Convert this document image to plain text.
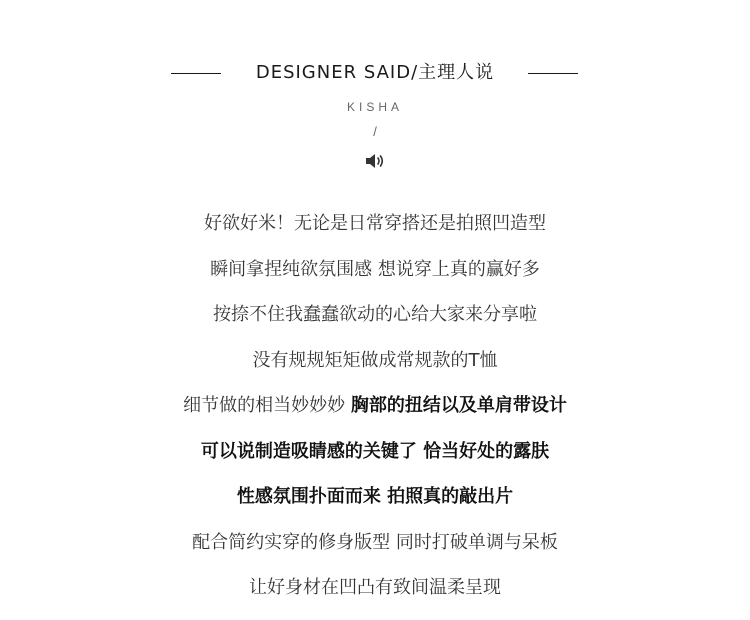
DESIGNER SAID/主理人说
KISHA
/
好欲好米！无论是日常穿搭还是拍照凹造型
瞬间拿捏纯欲氛围感 想说穿上真的赢好多
按捺不住我蠢蠢欲动的心给大家来分享啦
没有规规矩矩做成常规款的T恤
细节做的相当妙妙妙 胸部的扭结以及单肩带设计
可以说制造吸睛感的关键了 恰当好处的露肤
性感氛围扑面而来 拍照真的敲出片
配合简约实穿的修身版型 同时打破单调与呆板
让好身材在凹凸有致间温柔呈现
